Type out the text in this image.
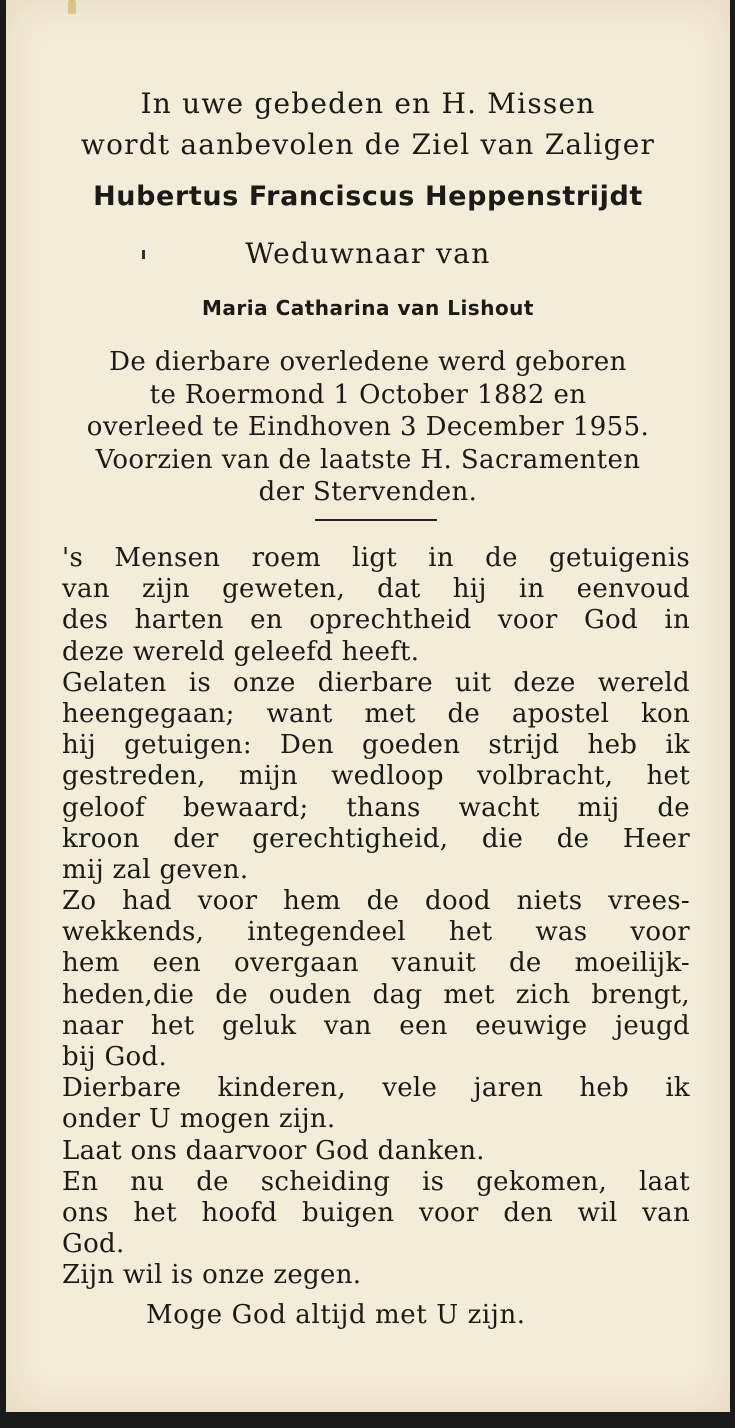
In uwe gebeden en H. Missen
wordt aanbevolen de Ziel van Zaliger
Hubertus Franciscus Heppenstrijdt
Weduwnaar van
Maria Catharina van Lishout
De dierbare overledene werd geboren
te Roermond 1 October 1882 en
overleed te Eindhoven 3 December 1955.
Voorzien van de laatste H. Sacramenten
der Stervenden.
's Mensen roem ligt in de getuigenis
van zijn geweten, dat hij in eenvoud
des harten en oprechtheid voor God in
deze wereld geleefd heeft.
Gelaten is onze dierbare uit deze wereld
heengegaan; want met de apostel kon
hij getuigen: Den goeden strijd heb ik
gestreden, mijn wedloop volbracht, het
geloof bewaard; thans wacht mij de
kroon der gerechtigheid, die de Heer
mij zal geven.
Zo had voor hem de dood niets vrees-
wekkends, integendeel het was voor
hem een overgaan vanuit de moeilijk-
heden,die de ouden dag met zich brengt,
naar het geluk van een eeuwige jeugd
bij God.
Dierbare kinderen, vele jaren heb ik
onder U mogen zijn.
Laat ons daarvoor God danken.
En nu de scheiding is gekomen, laat
ons het hoofd buigen voor den wil van
God.
Zijn wil is onze zegen.
Moge God altijd met U zijn.
